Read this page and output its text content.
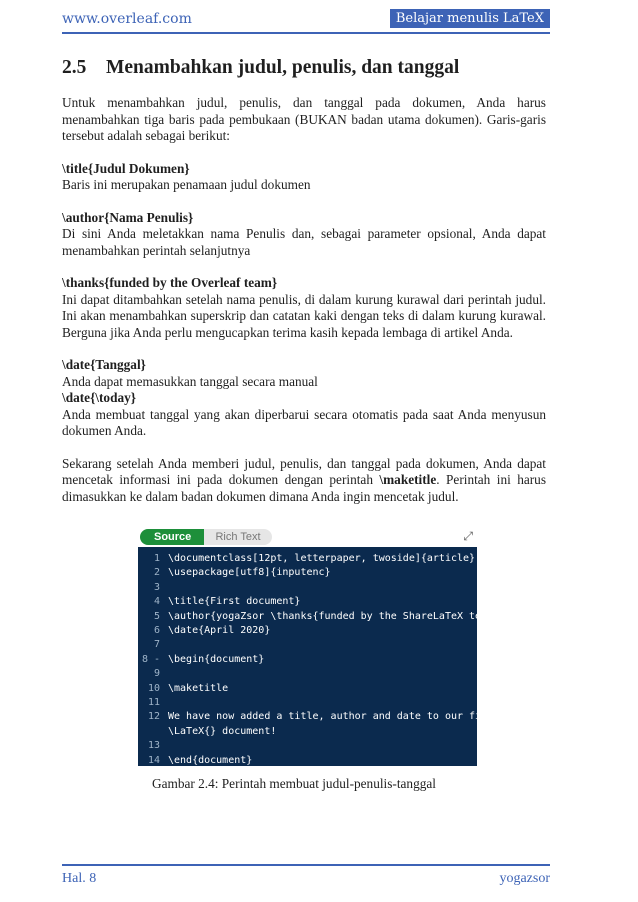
www.overleaf.com	Belajar menulis LaTeX
2.5 Menambahkan judul, penulis, dan tanggal

Untuk menambahkan judul, penulis, dan tanggal pada dokumen, Anda harus menambahkan tiga baris pada pembukaan (BUKAN badan utama dokumen). Garis-garis tersebut adalah sebagai berikut:

\title{Judul Dokumen}

Baris ini merupakan penamaan judul dokumen

\author{Nama Penulis}

Di sini Anda meletakkan nama Penulis dan, sebagai parameter opsional, Anda dapat menambahkan perintah selanjutnya

\thanks{funded by the Overleaf team}

Ini dapat ditambahkan setelah nama penulis, di dalam kurung kurawal dari perintah judul. Ini akan menambahkan superskrip dan catatan kaki dengan teks di dalam kurung kurawal. Berguna jika Anda perlu mengucapkan terima kasih kepada lembaga di artikel Anda.

\date{Tanggal}

Anda dapat memasukkan tanggal secara manual

\date{\today}

Anda membuat tanggal yang akan diperbarui secara otomatis pada saat Anda menyusun dokumen Anda.

Sekarang setelah Anda memberi judul, penulis, dan tanggal pada dokumen, Anda dapat mencetak informasi ini pada dokumen dengan perintah \maketitle. Perintah ini harus dimasukkan ke dalam badan dokumen dimana Anda ingin mencetak judul.

Source	Rich Text	⤢
1 \documentclass[12pt, letterpaper, twoside]{article}
2 \usepackage[utf8]{inputenc}
3
4 \title{First document}
5 \author{yogaZsor \thanks{funded by the ShareLaTeX team}}
6 \date{April 2020}
7
8 - \begin{document}
9
10 \maketitle
11
12 We have now added a title, author and date to our first
\LaTeX{} document!
13
14 \end{document}
Gambar 2.4: Perintah membuat judul-penulis-tanggal
Hal. 8	yogazsor
